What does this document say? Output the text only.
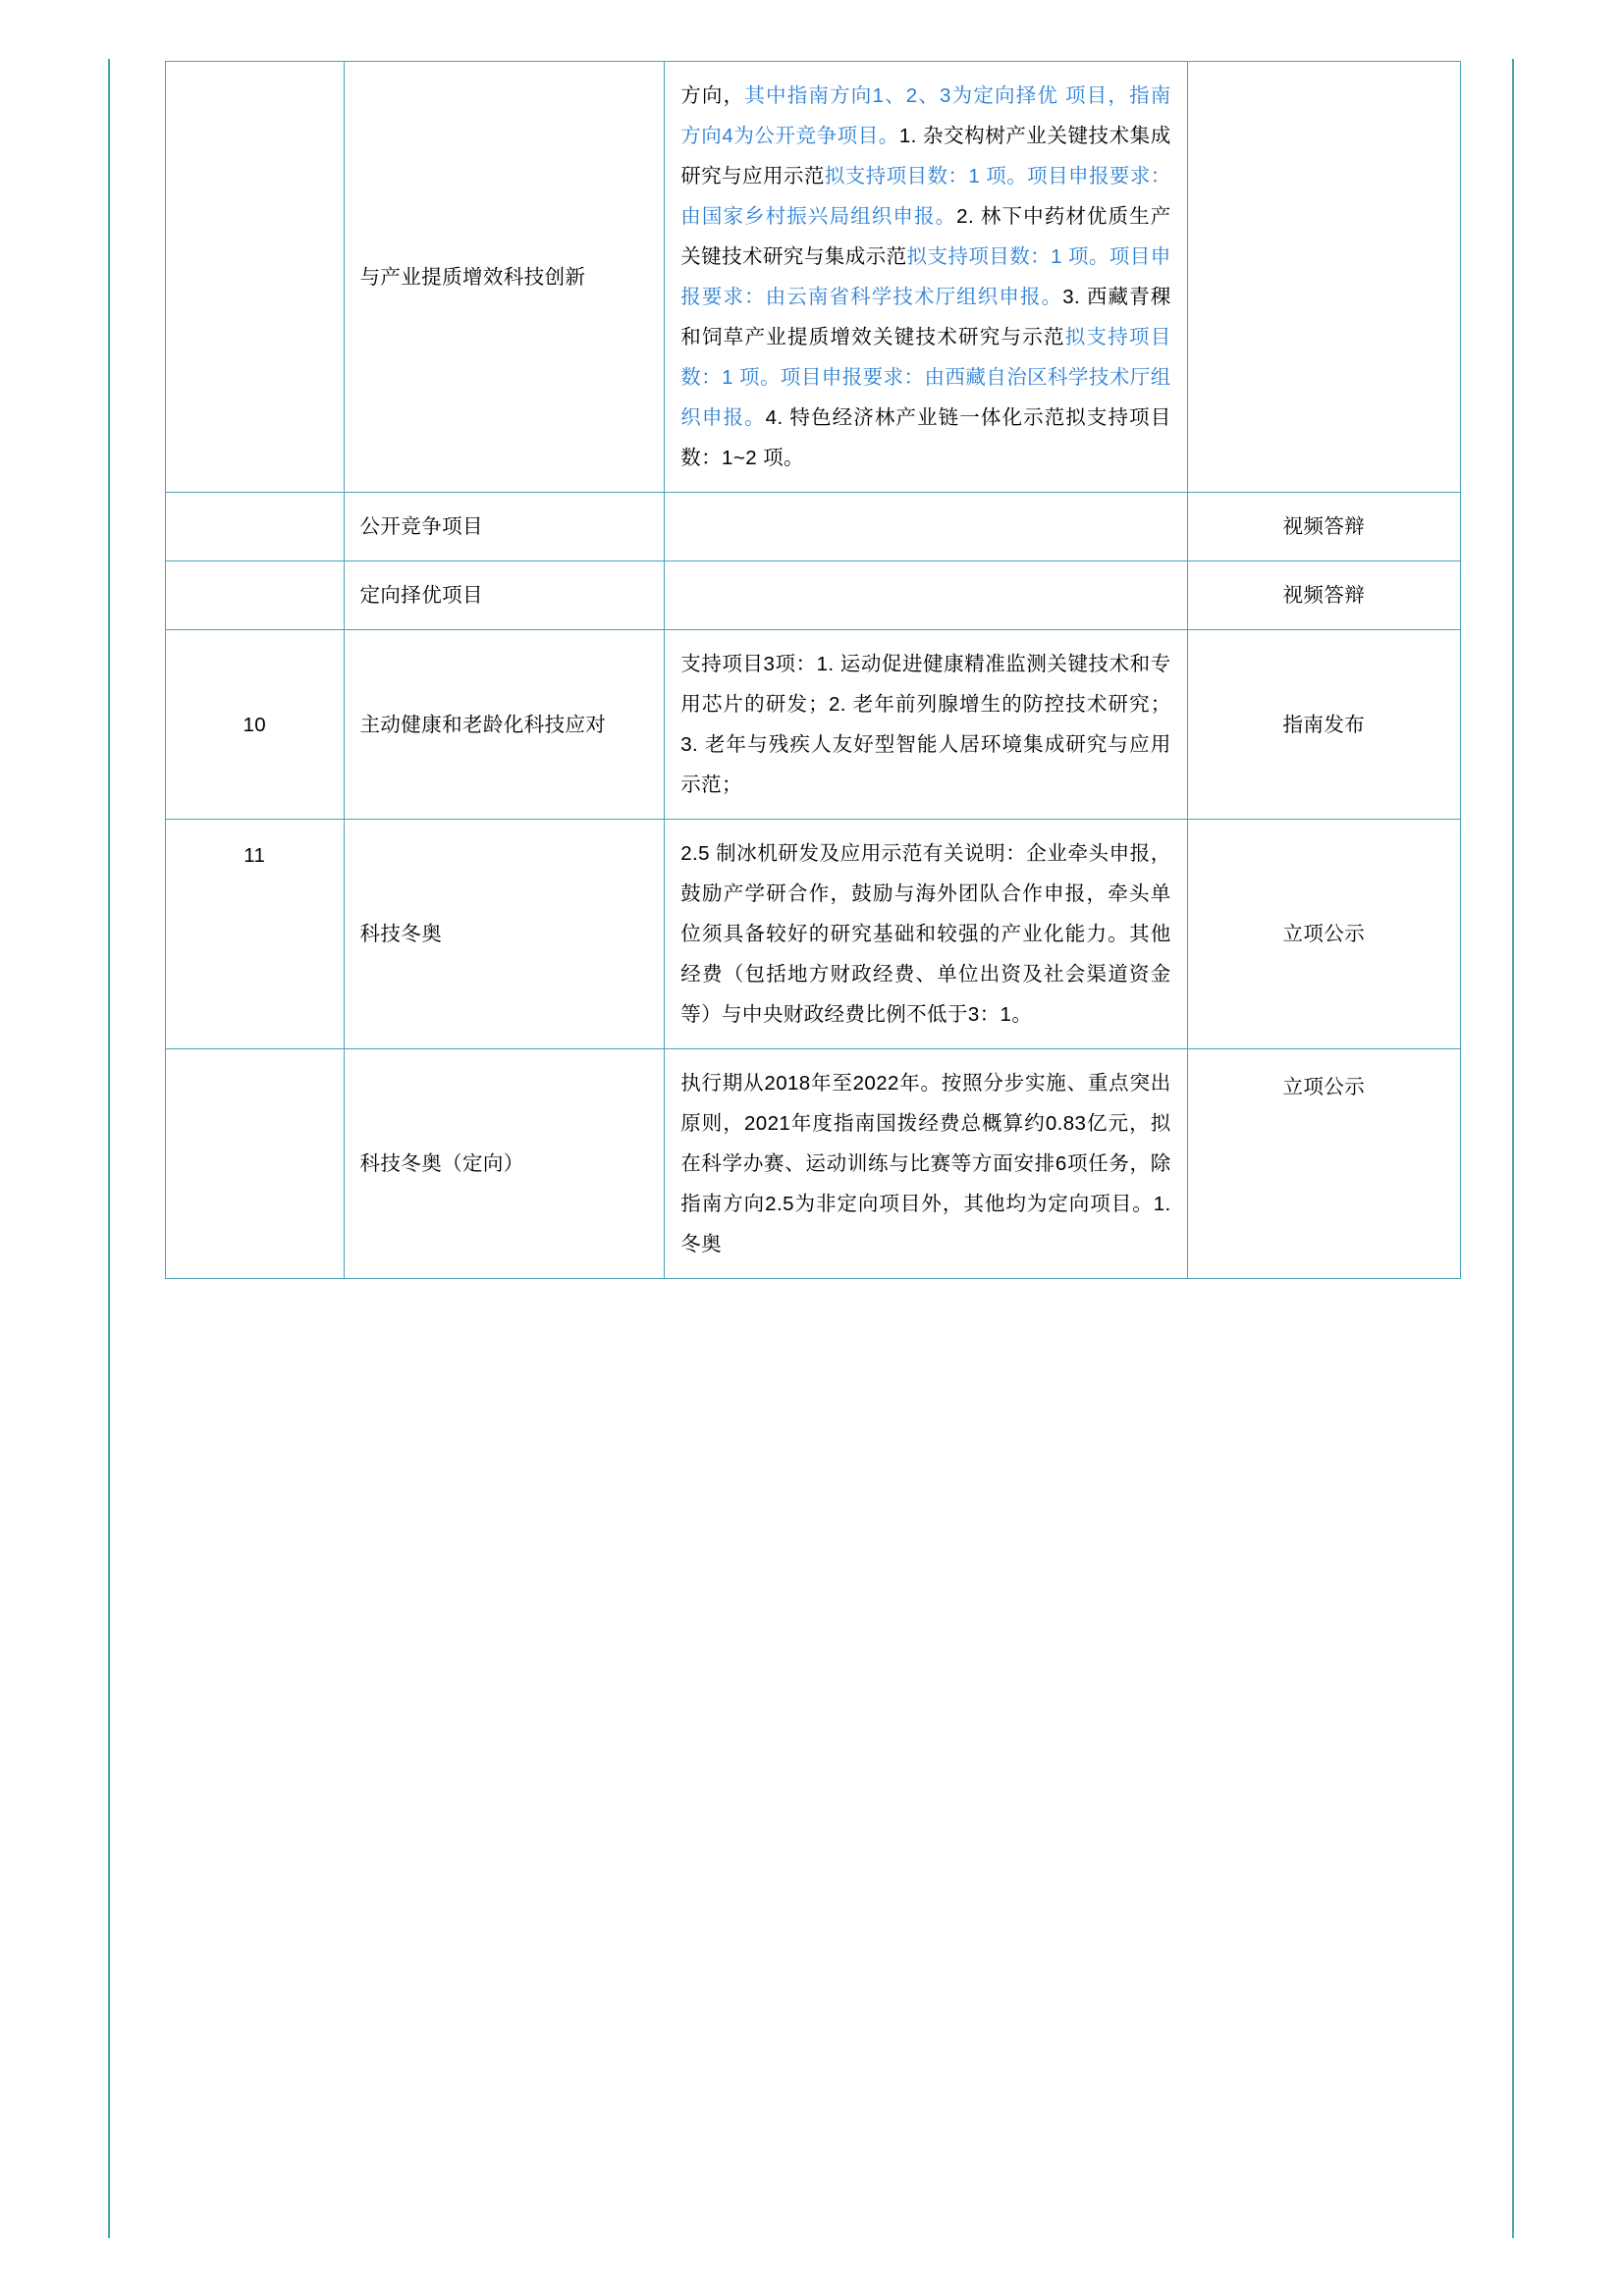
	与产业提质增效科技创新	方向，其中指南方向1、2、3为定向择优 项目，指南方向4为公开竞争项目。1. 杂交构树产业关键技术集成研究与应用示范拟支持项目数：1 项。项目申报要求：由国家乡村振兴局组织申报。2. 林下中药材优质生产关键技术研究与集成示范拟支持项目数：1 项。项目申报要求：由云南省科学技术厅组织申报。3. 西藏青稞和饲草产业提质增效关键技术研究与示范拟支持项目数：1 项。项目申报要求：由西藏自治区科学技术厅组织申报。4. 特色经济林产业链一体化示范拟支持项目数：1~2 项。	

	公开竞争项目		视频答辩
	定向择优项目		视频答辩
10	主动健康和老龄化科技应对	支持项目3项：1. 运动促进健康精准监测关键技术和专用芯片的研发；2. 老年前列腺增生的防控技术研究；3. 老年与残疾人友好型智能人居环境集成研究与应用示范；	指南发布
11	科技冬奥	2.5 制冰机研发及应用示范有关说明：企业牵头申报，鼓励产学研合作，鼓励与海外团队合作申报，牵头单位须具备较好的研究基础和较强的产业化能力。其他经费（包括地方财政经费、单位出资及社会渠道资金等）与中央财政经费比例不低于3：1。	立项公示
	科技冬奥（定向）	执行期从2018年至2022年。按照分步实施、重点突出原则，2021年度指南国拨经费总概算约0.83亿元，拟在科学办赛、运动训练与比赛等方面安排6项任务，除指南方向2.5为非定向项目外，其他均为定向项目。1. 冬奥	立项公示
